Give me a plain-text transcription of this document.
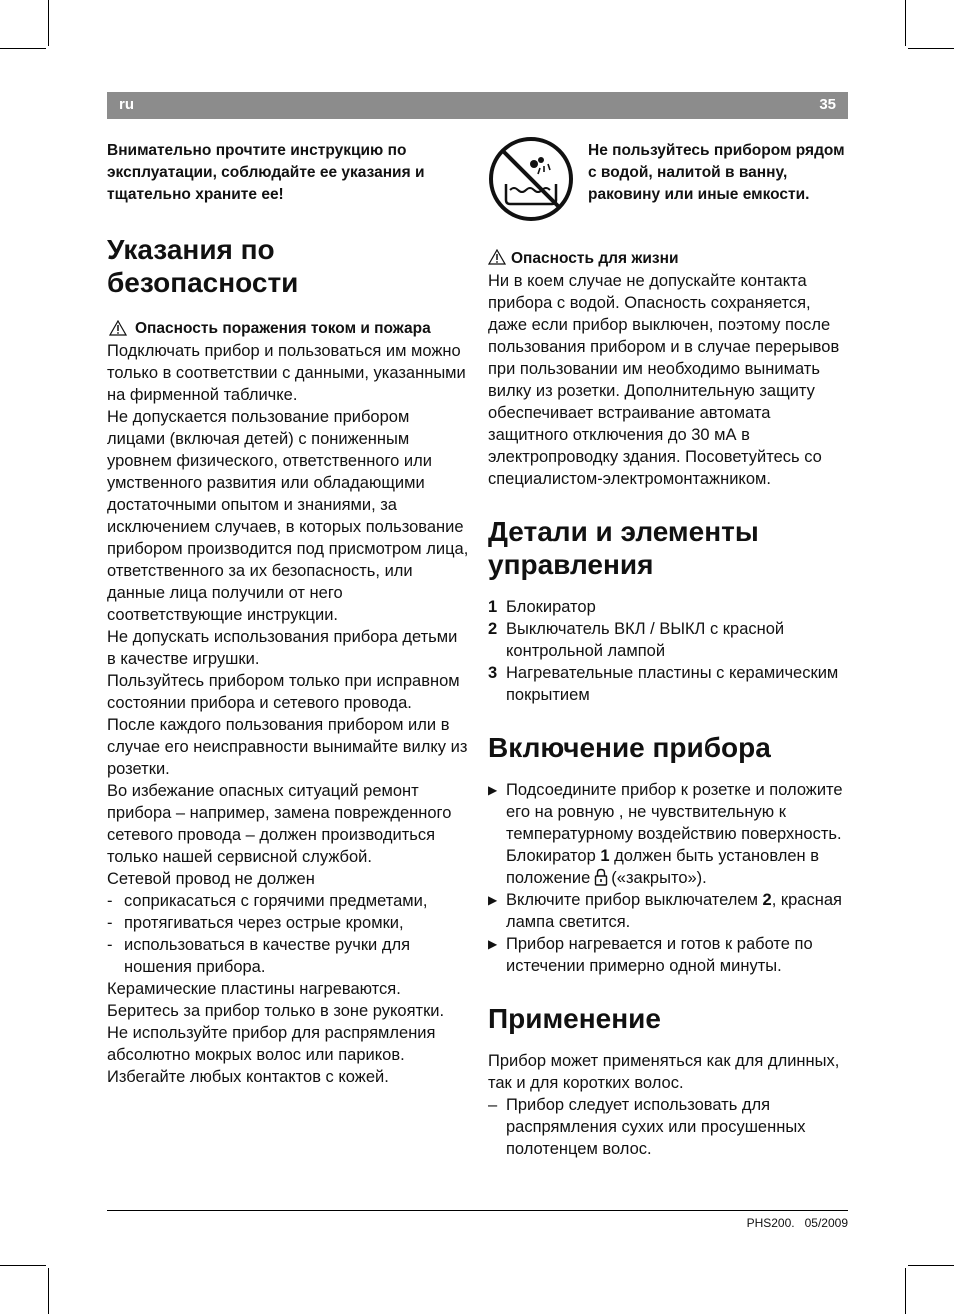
ru	35

Внимательно прочтите инструкцию по эксплуатации, соблюдайте ее указания и тщательно храните ее!

Указания по безопасности
Опасность поражения током и пожара

Подключать прибор и пользоваться им можно только в соответствии с данными, указанными на фирменной табличке.

Не допускается пользование прибором лицами (включая детей) с пониженным уровнем физического, ответственного или умственного развития или обладающими достаточными опытом и знаниями, за исключением случаев, в которых пользование прибором производится под присмотром лица, ответственного за их безопасность, или данные лица получили от него соответствующие инструкции.

Не допускать использования прибора детьми в качестве игрушки.

Пользуйтесь прибором только при исправном состоянии прибора и сетевого провода.

После каждого пользования прибором или в случае его неисправности вынимайте вилку из розетки.

Во избежание опасных ситуаций ремонт прибора – например, замена поврежденного сетевого провода – должен производиться только нашей сервисной службой.

Сетевой провод не должен

- соприкасаться с горячими предметами,
- протягиваться через острые кромки,
- использоваться в качестве ручки для ношения прибора.

Керамические пластины нагреваются. Беритесь за прибор только в зоне рукоятки.

Не используйте прибор для распрямления абсолютно мокрых волос или париков.

Избегайте любых контактов с кожей.

Не пользуйтесь прибором рядом с водой, налитой в ванну, раковину или иные емкости.
Опасность для жизни

Ни в коем случае не допускайте контакта прибора с водой. Опасность сохраняется, даже если прибор выключен, поэтому после пользования прибором и в случае перерывов при пользовании им необходимо вынимать вилку из розетки. Дополнительную защиту обеспечивает встраивание автомата защитного отключения до 30 мА в электропроводку здания. Посоветуйтесь со специалистом-электромонтажником.

Детали и элементы управления
1 Блокиратор
2 Выключатель ВКЛ / ВЫКЛ с красной контрольной лампой
3 Нагревательные пластины с керамическим покрытием
Включение прибора
▶ Подсоедините прибор к розетке и положите его на ровную , не чувствительную к температурному воздействию поверхность.
Блокиратор 1 должен быть установлен в положение («закрыто»).
▶ Включите прибор выключателем 2, красная лампа светится.
▶ Прибор нагревается и готов к работе по истечении примерно одной минуты.
Применение

Прибор может применяться как для длинных, так и для коротких волос.

– Прибор следует использовать для распрямления сухих или просушенных полотенцем волос.
PHS200. 05/2009
